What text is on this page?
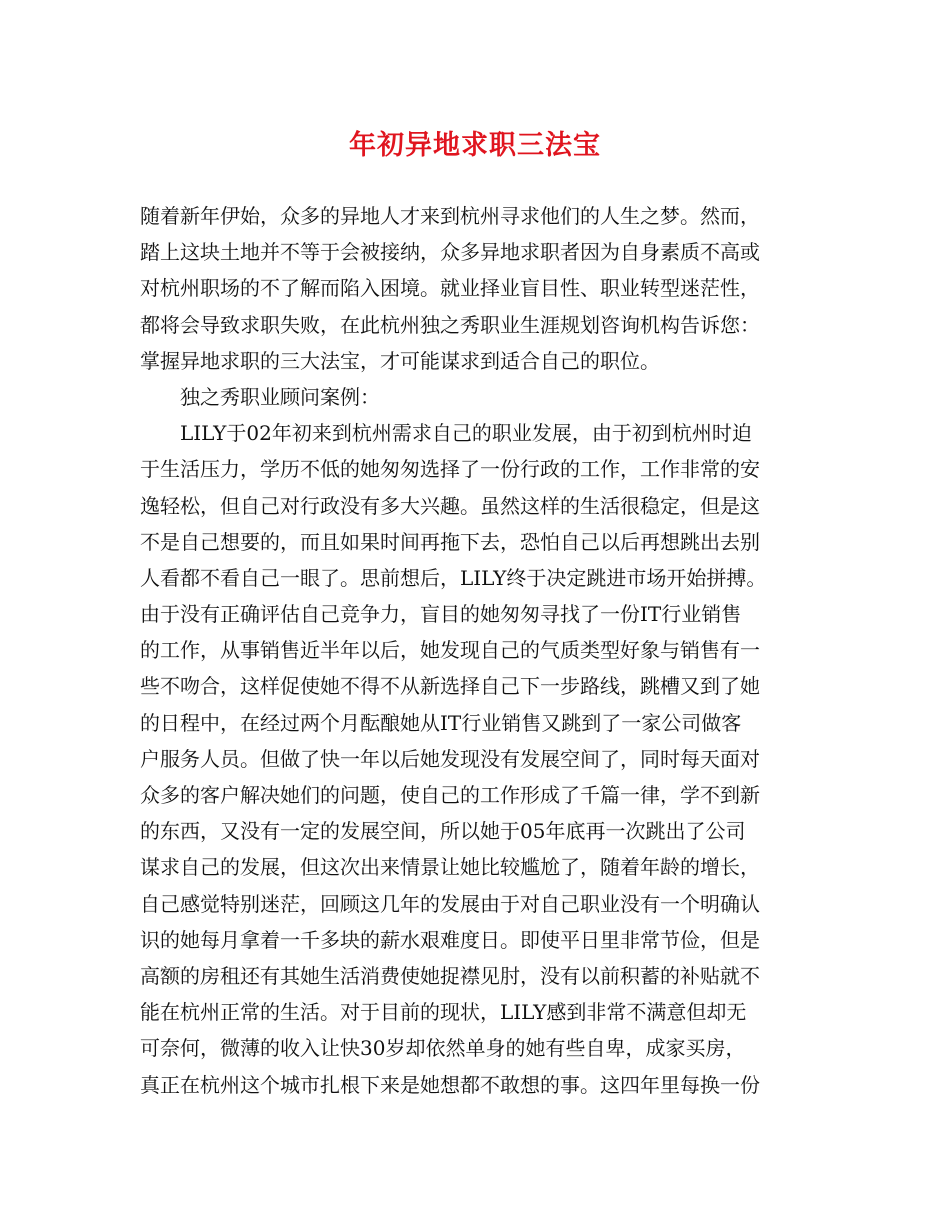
年初异地求职三法宝
随着新年伊始，众多的异地人才来到杭州寻求他们的人生之梦。然而，
踏上这块土地并不等于会被接纳，众多异地求职者因为自身素质不高或
对杭州职场的不了解而陷入困境。就业择业盲目性、职业转型迷茫性，
都将会导致求职失败，在此杭州独之秀职业生涯规划咨询机构告诉您：
掌握异地求职的三大法宝，才可能谋求到适合自己的职位。
独之秀职业顾问案例：
LILY于02年初来到杭州需求自己的职业发展，由于初到杭州时迫
于生活压力，学历不低的她匆匆选择了一份行政的工作，工作非常的安
逸轻松，但自己对行政没有多大兴趣。虽然这样的生活很稳定，但是这
不是自己想要的，而且如果时间再拖下去，恐怕自己以后再想跳出去别
人看都不看自己一眼了。思前想后，LILY终于决定跳进市场开始拼搏。
由于没有正确评估自己竞争力，盲目的她匆匆寻找了一份IT行业销售
的工作，从事销售近半年以后，她发现自己的气质类型好象与销售有一
些不吻合，这样促使她不得不从新选择自己下一步路线，跳槽又到了她
的日程中，在经过两个月酝酿她从IT行业销售又跳到了一家公司做客
户服务人员。但做了快一年以后她发现没有发展空间了，同时每天面对
众多的客户解决她们的问题，使自己的工作形成了千篇一律，学不到新
的东西，又没有一定的发展空间，所以她于05年底再一次跳出了公司
谋求自己的发展，但这次出来情景让她比较尴尬了，随着年龄的增长，
自己感觉特别迷茫，回顾这几年的发展由于对自己职业没有一个明确认
识的她每月拿着一千多块的薪水艰难度日。即使平日里非常节俭，但是
高额的房租还有其她生活消费使她捉襟见肘，没有以前积蓄的补贴就不
能在杭州正常的生活。对于目前的现状，LILY感到非常不满意但却无
可奈何，微薄的收入让快30岁却依然单身的她有些自卑，成家买房，
真正在杭州这个城市扎根下来是她想都不敢想的事。这四年里每换一份
